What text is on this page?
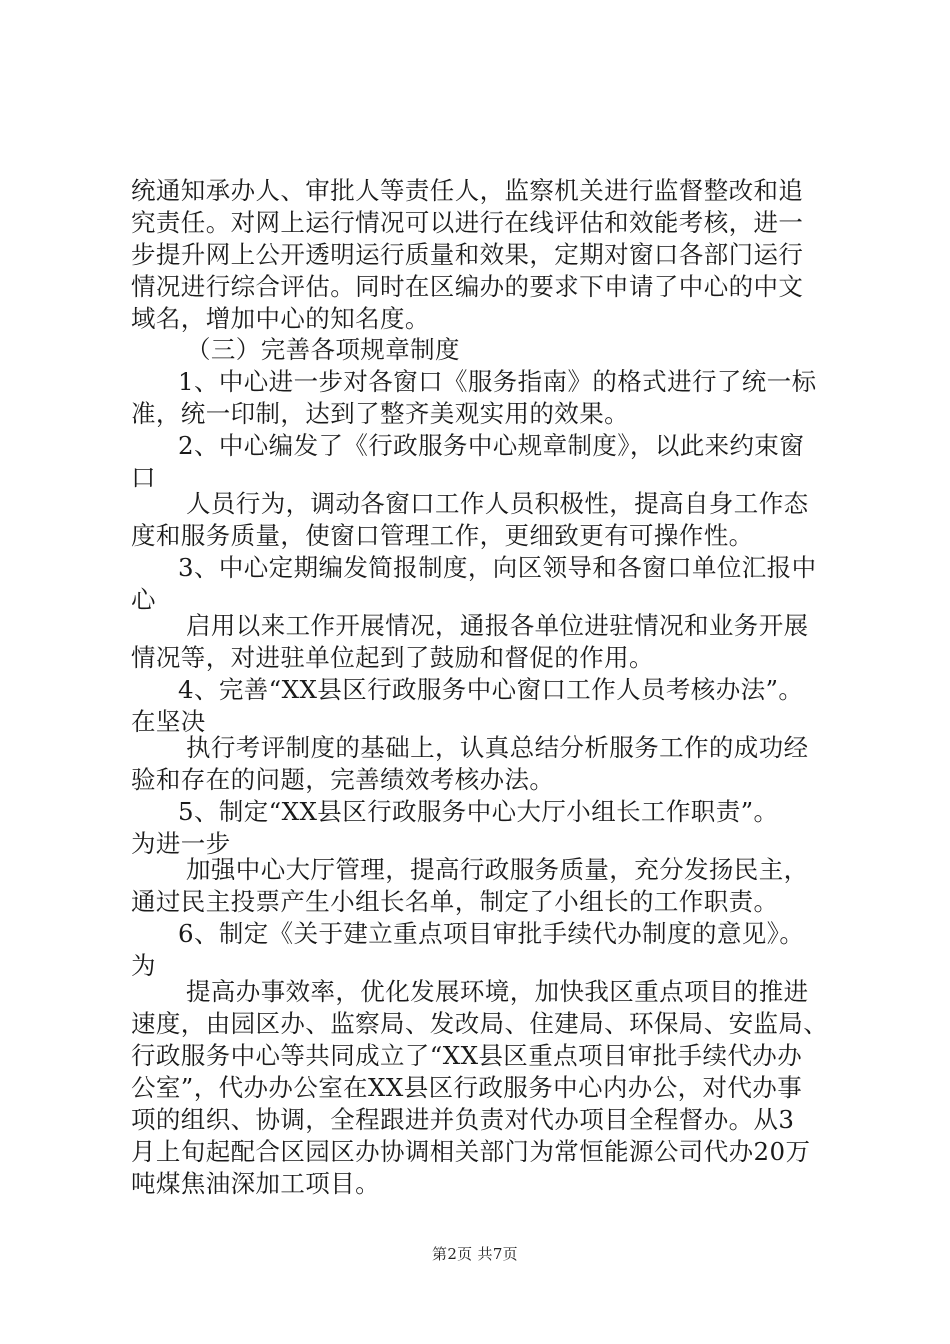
统通知承办人、审批人等责任人，监察机关进行监督整改和追
究责任。对网上运行情况可以进行在线评估和效能考核，进一
步提升网上公开透明运行质量和效果，定期对窗口各部门运行
情况进行综合评估。同时在区编办的要求下申请了中心的中文
域名，增加中心的知名度。
（三）完善各项规章制度
1、中心进一步对各窗口《服务指南》的格式进行了统一标
准，统一印制，达到了整齐美观实用的效果。
2、中心编发了《行政服务中心规章制度》，以此来约束窗
口
人员行为，调动各窗口工作人员积极性，提高自身工作态
度和服务质量，使窗口管理工作，更细致更有可操作性。
3、中心定期编发简报制度，向区领导和各窗口单位汇报中
心
启用以来工作开展情况，通报各单位进驻情况和业务开展
情况等，对进驻单位起到了鼓励和督促的作用。
4、完善“XX县区行政服务中心窗口工作人员考核办法”。
在坚决
执行考评制度的基础上，认真总结分析服务工作的成功经
验和存在的问题，完善绩效考核办法。
5、制定“XX县区行政服务中心大厅小组长工作职责”。
为进一步
加强中心大厅管理，提高行政服务质量，充分发扬民主，
通过民主投票产生小组长名单，制定了小组长的工作职责。
6、制定《关于建立重点项目审批手续代办制度的意见》。
为
提高办事效率，优化发展环境，加快我区重点项目的推进
速度，由园区办、监察局、发改局、住建局、环保局、安监局、
行政服务中心等共同成立了“XX县区重点项目审批手续代办办
公室”，代办办公室在XX县区行政服务中心内办公，对代办事
项的组织、协调，全程跟进并负责对代办项目全程督办。从3
月上旬起配合区园区办协调相关部门为常恒能源公司代办20万
吨煤焦油深加工项目。
第2页 共7页
